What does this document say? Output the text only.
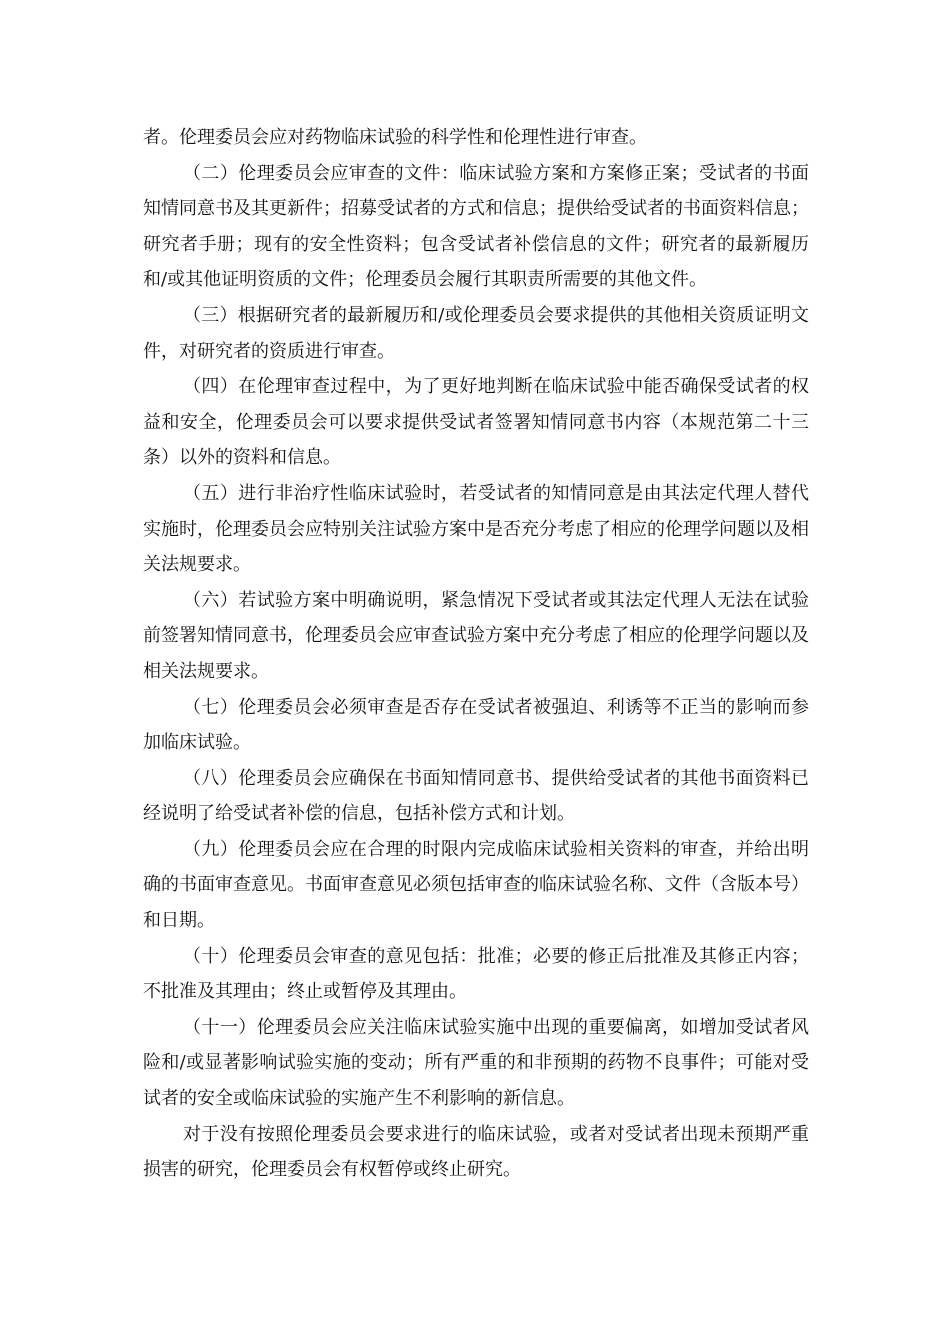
者。伦理委员会应对药物临床试验的科学性和伦理性进行审查。

（二）伦理委员会应审查的文件：临床试验方案和方案修正案；受试者的书面知情同意书及其更新件；招募受试者的方式和信息；提供给受试者的书面资料信息；研究者手册；现有的安全性资料；包含受试者补偿信息的文件；研究者的最新履历和/或其他证明资质的文件；伦理委员会履行其职责所需要的其他文件。

（三）根据研究者的最新履历和/或伦理委员会要求提供的其他相关资质证明文件，对研究者的资质进行审查。

（四）在伦理审查过程中，为了更好地判断在临床试验中能否确保受试者的权益和安全，伦理委员会可以要求提供受试者签署知情同意书内容（本规范第二十三条）以外的资料和信息。

（五）进行非治疗性临床试验时，若受试者的知情同意是由其法定代理人替代实施时，伦理委员会应特别关注试验方案中是否充分考虑了相应的伦理学问题以及相关法规要求。

（六）若试验方案中明确说明，紧急情况下受试者或其法定代理人无法在试验前签署知情同意书，伦理委员会应审查试验方案中充分考虑了相应的伦理学问题以及相关法规要求。

（七）伦理委员会必须审查是否存在受试者被强迫、利诱等不正当的影响而参加临床试验。

（八）伦理委员会应确保在书面知情同意书、提供给受试者的其他书面资料已经说明了给受试者补偿的信息，包括补偿方式和计划。

（九）伦理委员会应在合理的时限内完成临床试验相关资料的审查，并给出明确的书面审查意见。书面审查意见必须包括审查的临床试验名称、文件（含版本号）和日期。

（十）伦理委员会审查的意见包括：批准；必要的修正后批准及其修正内容；不批准及其理由；终止或暂停及其理由。

（十一）伦理委员会应关注临床试验实施中出现的重要偏离，如增加受试者风险和/或显著影响试验实施的变动；所有严重的和非预期的药物不良事件；可能对受试者的安全或临床试验的实施产生不利影响的新信息。

对于没有按照伦理委员会要求进行的临床试验，或者对受试者出现未预期严重损害的研究，伦理委员会有权暂停或终止研究。
